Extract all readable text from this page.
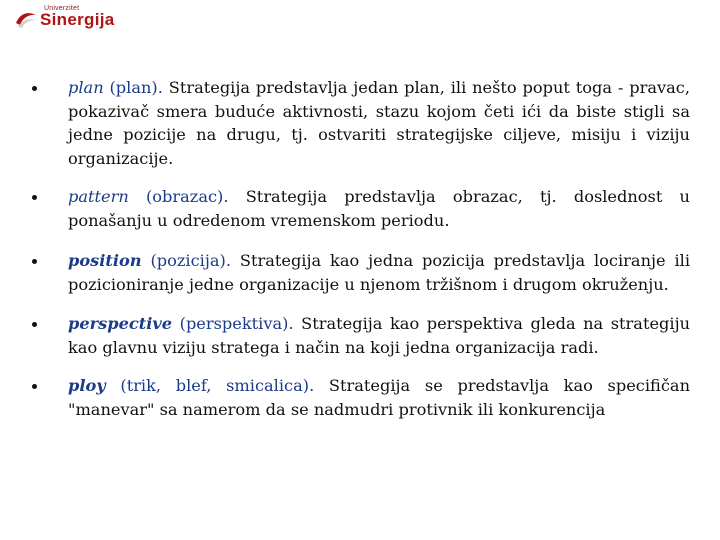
Univerzitet
Sinergija
plan (plan). Strategija predstavlja jedan plan, ili nešto poput toga - pravac, pokazivač smera buduće aktivnosti, stazu kojom četi ići da biste stigli sa jedne pozicije na drugu, tj. ostvariti strategijske ciljeve, misiju i viziju organizacije.
pattern (obrazac). Strategija predstavlja obrazac, tj. doslednost u ponašanju u odredenom vremenskom periodu.
position (pozicija). Strategija kao jedna pozicija predstavlja lociranje ili pozicioniranje jedne organizacije u njenom tržišnom i drugom okruženju.
perspective (perspektiva). Strategija kao perspektiva gleda na strategiju kao glavnu viziju stratega i način na koji jedna organizacija radi.
ploy (trik, blef, smicalica). Strategija se predstavlja kao specifičan "manevar" sa namerom da se nadmudri protivnik ili konkurencija
